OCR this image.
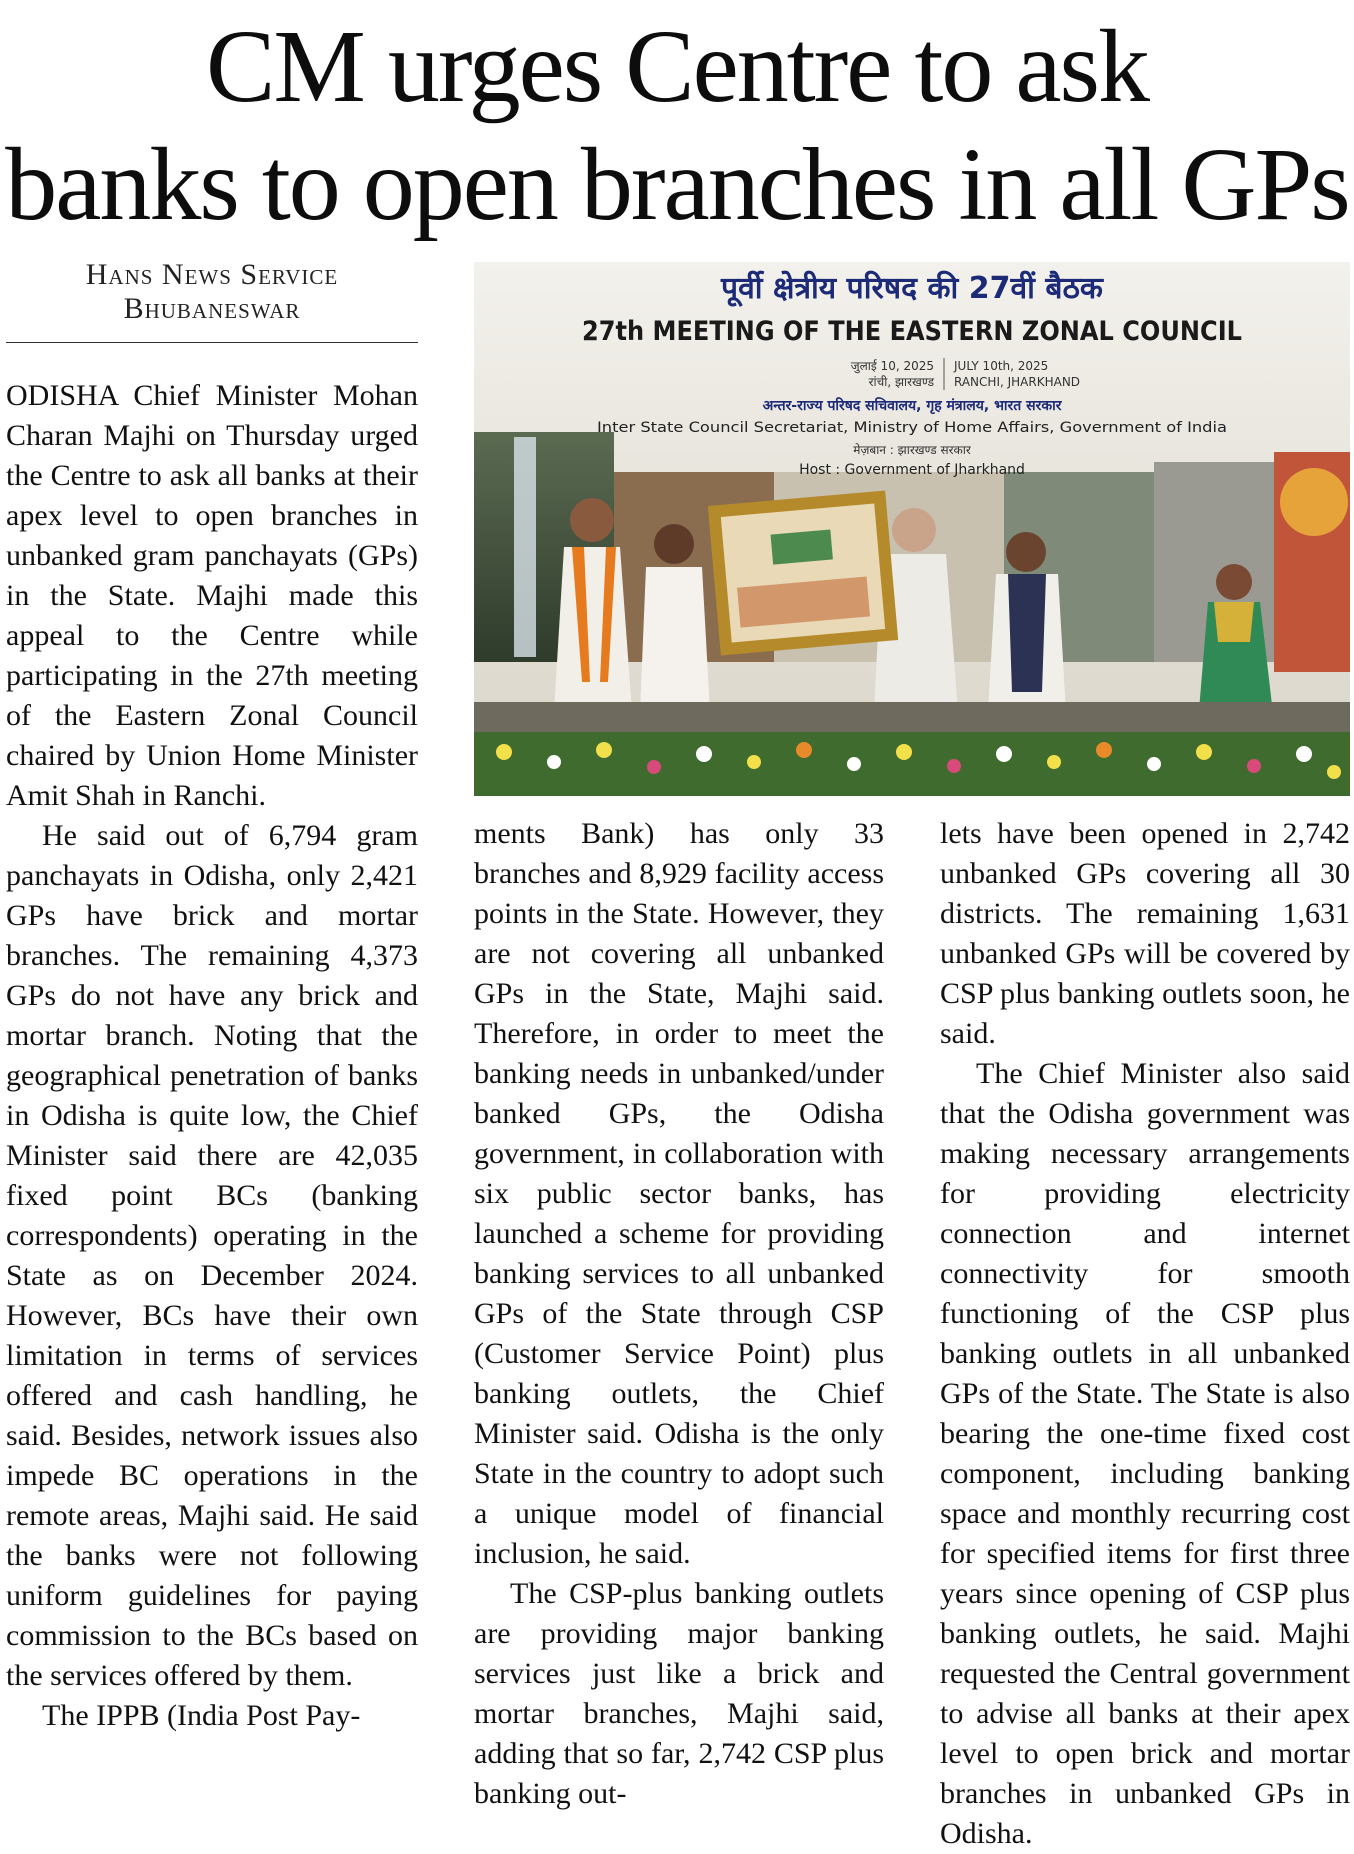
CM urges Centre to ask
banks to open branches in all GPs
Hans News Service
Bhubaneswar
पूर्वी क्षेत्रीय परिषद की 27वीं बैठक
27th MEETING OF THE EASTERN ZONAL COUNCIL
जुलाई 10, 2025
रांची, झारखण्ड
JULY 10th, 2025
RANCHI, JHARKHAND
अन्तर-राज्य परिषद सचिवालय, गृह मंत्रालय, भारत सरकार
Inter State Council Secretariat, Ministry of Home Affairs, Government of India
मेज़बान : झारखण्ड सरकार
Host : Government of Jharkhand

ODISHA Chief Minister Mohan Charan Majhi on Thursday urged the Centre to ask all banks at their apex level to open branches in unbanked gram panchayats (GPs) in the State. Majhi made this appeal to the Centre while participating in the 27th meeting of the Eastern Zonal Council chaired by Union Home Minister Amit Shah in Ranchi.

He said out of 6,794 gram panchayats in Odisha, only 2,421 GPs have brick and mortar branches. The remaining 4,373 GPs do not have any brick and mortar branch. Noting that the geographical penetration of banks in Odisha is quite low, the Chief Minister said there are 42,035 fixed point BCs (banking correspondents) operating in the State as on December 2024. However, BCs have their own limitation in terms of services offered and cash handling, he said. Besides, network issues also impede BC operations in the remote areas, Majhi said. He said the banks were not following uniform guidelines for paying commission to the BCs based on the services offered by them.

The IPPB (India Post Pay-

ments Bank) has only 33 branches and 8,929 facility access points in the State. However, they are not covering all unbanked GPs in the State, Majhi said. Therefore, in order to meet the banking needs in unbanked/under banked GPs, the Odisha government, in collaboration with six public sector banks, has launched a scheme for providing banking services to all unbanked GPs of the State through CSP (Customer Service Point) plus banking outlets, the Chief Minister said. Odisha is the only State in the country to adopt such a unique model of financial inclusion, he said.

The CSP-plus banking outlets are providing major banking services just like a brick and mortar branches, Majhi said, adding that so far, 2,742 CSP plus banking out-

lets have been opened in 2,742 unbanked GPs covering all 30 districts. The remaining 1,631 unbanked GPs will be covered by CSP plus banking outlets soon, he said.

The Chief Minister also said that the Odisha government was making necessary arrangements for providing electricity connection and internet connectivity for smooth functioning of the CSP plus banking outlets in all unbanked GPs of the State. The State is also bearing the one-time fixed cost component, including banking space and monthly recurring cost for specified items for first three years since opening of CSP plus banking outlets, he said. Majhi requested the Central government to advise all banks at their apex level to open brick and mortar branches in unbanked GPs in Odisha.
